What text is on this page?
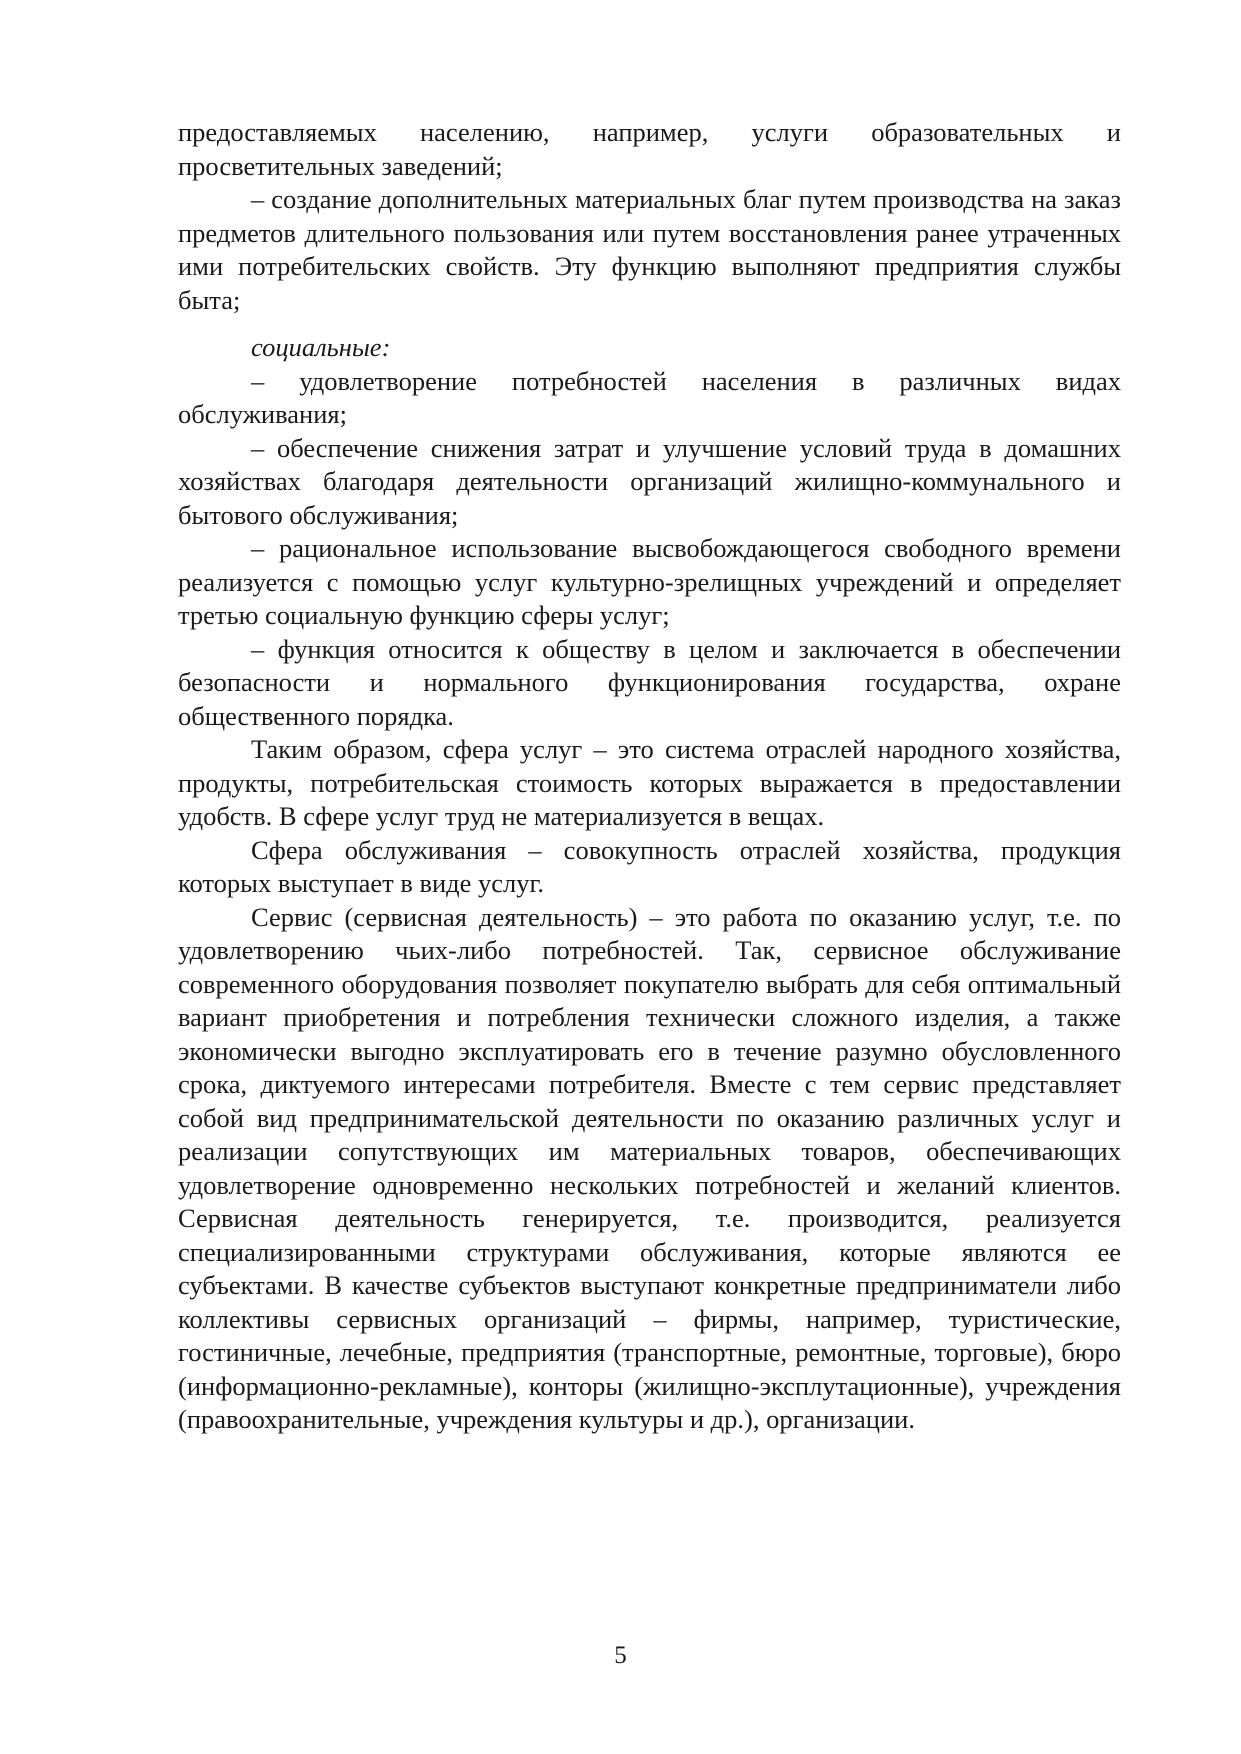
предоставляемых населению, например, услуги образовательных и просветительных заведений;

– создание дополнительных материальных благ путем производства на заказ предметов длительного пользования или путем восстановления ранее утраченных ими потребительских свойств. Эту функцию выполняют предприятия службы быта;

социальные:

– удовлетворение потребностей населения в различных видах обслуживания;

– обеспечение снижения затрат и улучшение условий труда в домашних хозяйствах благодаря деятельности организаций жилищно-коммунального и бытового обслуживания;

– рациональное использование высвобождающегося свободного времени реализуется с помощью услуг культурно-зрелищных учреждений и определяет третью социальную функцию сферы услуг;

– функция относится к обществу в целом и заключается в обеспечении безопасности и нормального функционирования государства, охране общественного порядка.

Таким образом, сфера услуг – это система отраслей народного хозяйства, продукты, потребительская стоимость которых выражается в предоставлении удобств. В сфере услуг труд не материализуется в вещах.

Сфера обслуживания – совокупность отраслей хозяйства, продукция которых выступает в виде услуг.

Сервис (сервисная деятельность) – это работа по оказанию услуг, т.е. по удовлетворению чьих-либо потребностей. Так, сервисное обслуживание современного оборудования позволяет покупателю выбрать для себя оптимальный вариант приобретения и потребления технически сложного изделия, а также экономически выгодно эксплуатировать его в течение разумно обусловленного срока, диктуемого интересами потребителя. Вместе с тем сервис представляет собой вид предпринимательской деятельности по оказанию различных услуг и реализации сопутствующих им материальных товаров, обеспечивающих удовлетворение одновременно нескольких потребностей и желаний клиентов. Сервисная деятельность генерируется, т.е. производится, реализуется специализированными структурами обслуживания, которые являются ее субъектами. В качестве субъектов выступают конкретные предприниматели либо коллективы сервисных организаций – фирмы, например, туристические, гостиничные, лечебные, предприятия (транспортные, ремонтные, торговые), бюро (информационно-рекламные), конторы (жилищно-эксплутационные), учреждения (правоохранительные, учреждения культуры и др.), организации.

5
